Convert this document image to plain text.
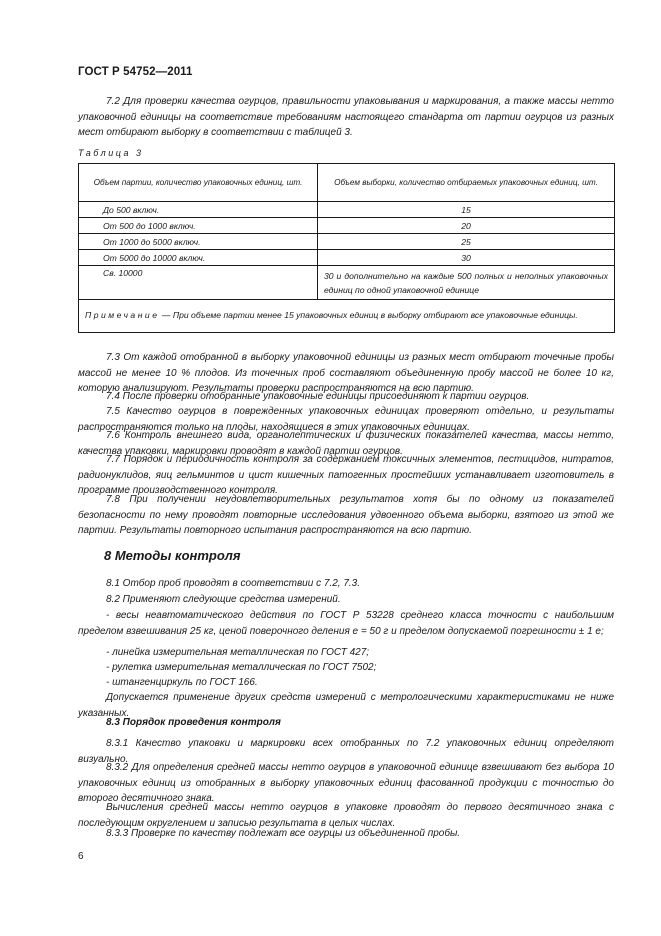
ГОСТ Р 54752—2011

7.2 Для проверки качества огурцов, правильности упаковывания и маркирования, а также массы нетто упаковочной единицы на соответствие требованиям настоящего стандарта от партии огурцов из разных мест отбирают выборку в соответствии с таблицей 3.

Таблица 3
Объем партии, количество упаковочных единиц, шт.	Объем выборки, количество отбираемых упаковочных единиц, шт.
До 500 включ.	15
От 500 до 1000 включ.	20
От 1000 до 5000 включ.	25
От 5000 до 10000 включ.	30
Св. 10000	30 и дополнительно на каждые 500 полных и неполных упаковочных единиц по одной упаковочной единице
Примечание — При объеме партии менее 15 упаковочных единиц в выборку отбирают все упаковочные единицы.	

7.3 От каждой отобранной в выборку упаковочной единицы из разных мест отбирают точечные пробы массой не менее 10 % плодов. Из точечных проб составляют объединенную пробу массой не более 10 кг, которую анализируют. Результаты проверки распространяются на всю партию.

7.4 После проверки отобранные упаковочные единицы присоединяют к партии огурцов.

7.5 Качество огурцов в поврежденных упаковочных единицах проверяют отдельно, и результаты распространяются только на плоды, находящиеся в этих упаковочных единицах.

7.6 Контроль внешнего вида, органолептических и физических показателей качества, массы нетто, качества упаковки, маркировки проводят в каждой партии огурцов.

7.7 Порядок и периодичность контроля за содержанием токсичных элементов, пестицидов, нитратов, радионуклидов, яиц гельминтов и цист кишечных патогенных простейших устанавливает изготовитель в программе производственного контроля.

7.8 При получении неудовлетворительных результатов хотя бы по одному из показателей безопасности по нему проводят повторные исследования удвоенного объема выборки, взятого из этой же партии. Результаты повторного испытания распространяются на всю партию.

8 Методы контроля

8.1 Отбор проб проводят в соответствии с 7.2, 7.3.

8.2 Применяют следующие средства измерений.

- весы неавтоматического действия по ГОСТ Р 53228 среднего класса точности с наибольшим пределом взвешивания 25 кг, ценой поверочного деления е = 50 г и пределом допускаемой погрешности ± 1 е;

- линейка измерительная металлическая по ГОСТ 427;

- рулетка измерительная металлическая по ГОСТ 7502;

- штангенциркуль по ГОСТ 166.

Допускается применение других средств измерений с метрологическими характеристиками не ниже указанных.

8.3 Порядок проведения контроля

8.3.1 Качество упаковки и маркировки всех отобранных по 7.2 упаковочных единиц определяют визуально.

8.3.2 Для определения средней массы нетто огурцов в упаковочной единице взвешивают без выбора 10 упаковочных единиц из отобранных в выборку упаковочных единиц фасованной продукции с точностью до второго десятичного знака.

Вычисления средней массы нетто огурцов в упаковке проводят до первого десятичного знака с последующим округлением и записью результата в целых числах.

8.3.3 Проверке по качеству подлежат все огурцы из объединенной пробы.

6
